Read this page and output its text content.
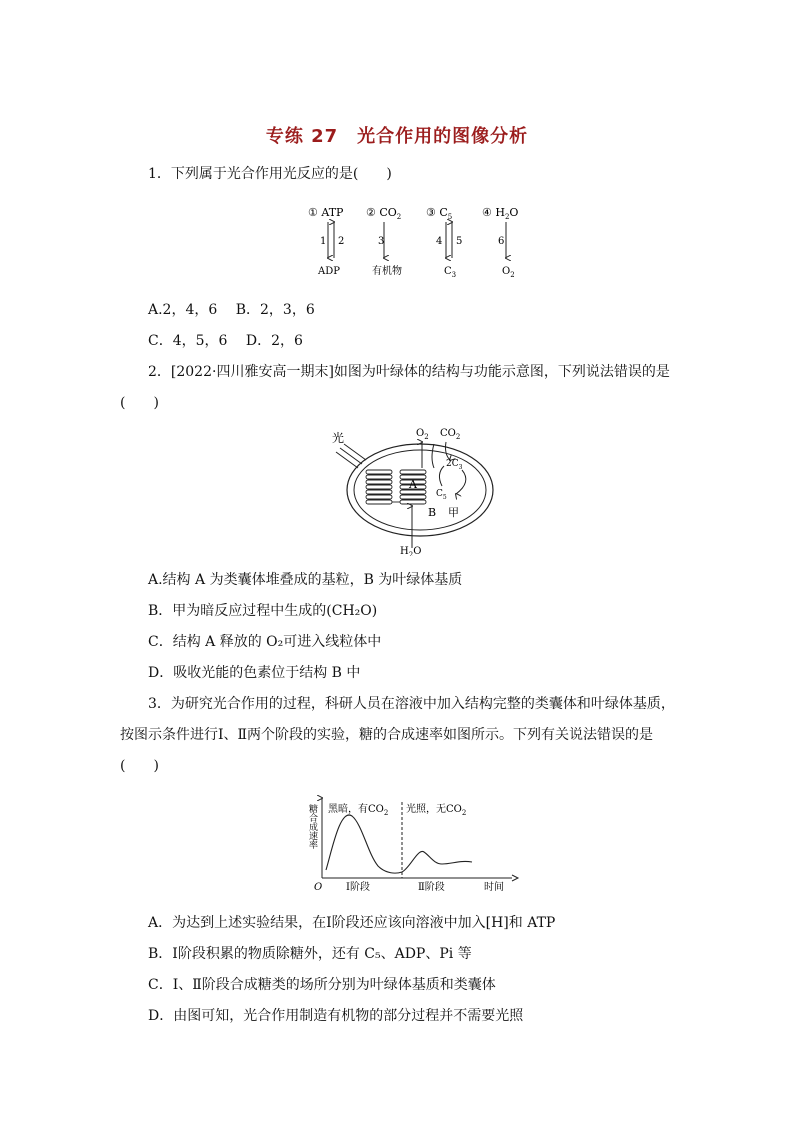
专练 27　光合作用的图像分析
1．下列属于光合作用光反应的是(　　)
① ATP
1 2
ADP
② $CO_2$
3
有机物
③ $C_5$
4 5
$C_3$
④ $H_2O$
6
$O_2$
A.2，4，6　 B．2，3，6
C．4，5，6　 D．2，6
2．[2022·四川雅安高一期末]如图为叶绿体的结构与功能示意图，下列说法错误的是
(　　)
光
A
$O_2$ $CO_2$
$2C_3$
$C_5$
B 甲
$H_2O$
A.结构 A 为类囊体堆叠成的基粒，B 为叶绿体基质
B．甲为暗反应过程中生成的(CH₂O)
C．结构 A 释放的 O₂可进入线粒体中
D．吸收光能的色素位于结构 B 中
3．为研究光合作用的过程，科研人员在溶液中加入结构完整的类囊体和叶绿体基质，
按图示条件进行Ⅰ、Ⅱ两个阶段的实验，糖的合成速率如图所示。下列有关说法错误的是
(　　)
糖合成速率
O
黑暗，有$CO_2$ 光照，无$CO_2$
Ⅰ阶段	Ⅱ阶段	时间
A．为达到上述实验结果，在Ⅰ阶段还应该向溶液中加入[H]和 ATP
B．Ⅰ阶段积累的物质除糖外，还有 C₅、ADP、Pi 等
C．Ⅰ、Ⅱ阶段合成糖类的场所分别为叶绿体基质和类囊体
D．由图可知，光合作用制造有机物的部分过程并不需要光照
